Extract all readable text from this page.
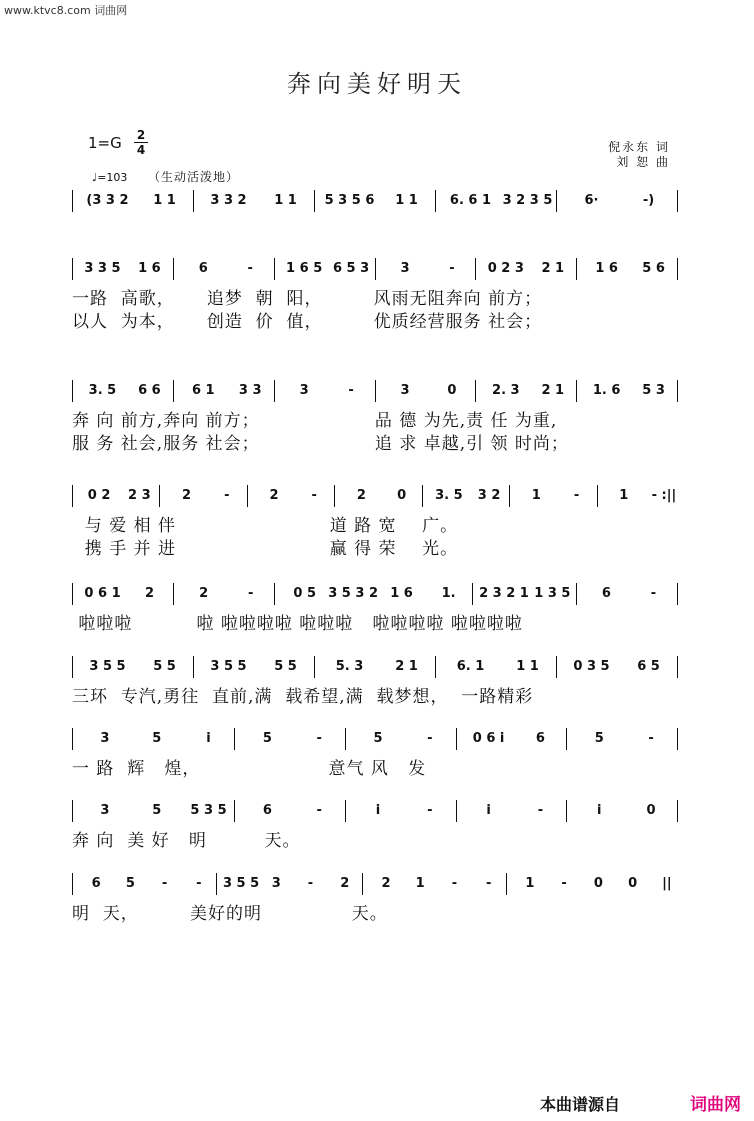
www.ktvc8.com 词曲网
奔向美好明天
1=G 2
4	倪永东 词
刘 恕 曲
♩=103 （生动活泼地）
(3 3 2	1 1	3 3 2	1 1	5 3 5 6	1 1	6. 6 1 3 2 3 5	6·	-)
3 3 5	1 6	6	-	1 6 5 6 5 3	3	-	0 2 3	2 1	1 6	5 6
一路  高歌，     追梦  朝  阳，        风雨无阻奔向 前方；
以人  为本，     创造  价  值，        优质经营服务 社会；
3. 5	6 6	6 1	3 3	3	-	3	0	2. 3	2 1	1. 6	5 3
奔 向 前方,奔向 前方；                  品 德 为先,责 任 为重,
服 务 社会,服务 社会；                  追 求 卓越,引 领 时尚；
0 2	2 3	2	-	2	-	2	0	3. 5	3 2	1	-	1	- :||
与 爱 相 伴                        道 路 宽    广。
携 手 并 进                        赢 得 荣    光。
0 6 1	2	2	-	0 5 3 5 3 2 1 6	1.	2 3 2 1 1 3 5	6	-
啦啦啦          啦 啦啦啦啦 啦啦啦   啦啦啦啦 啦啦啦啦
3 5 5	5 5	3 5 5	5 5	5. 3	2 1	6. 1	1 1	0 3 5	6 5
三环  专汽,勇往  直前,满  载希望,满  载梦想，  一路精彩
3	5	i	5	-	5	-	0 6 i	6	5	-
一 路  辉   煌，                    意气 风   发
3	5	5 3 5	6	-	i	-	i	-	i	0
奔 向  美 好   明         天。
6	5	-	-	3 5 5 3	-	2	2	1	-	-	1	-	0	0	||
明  天，        美好的明              天。
本曲谱源自	词曲网
